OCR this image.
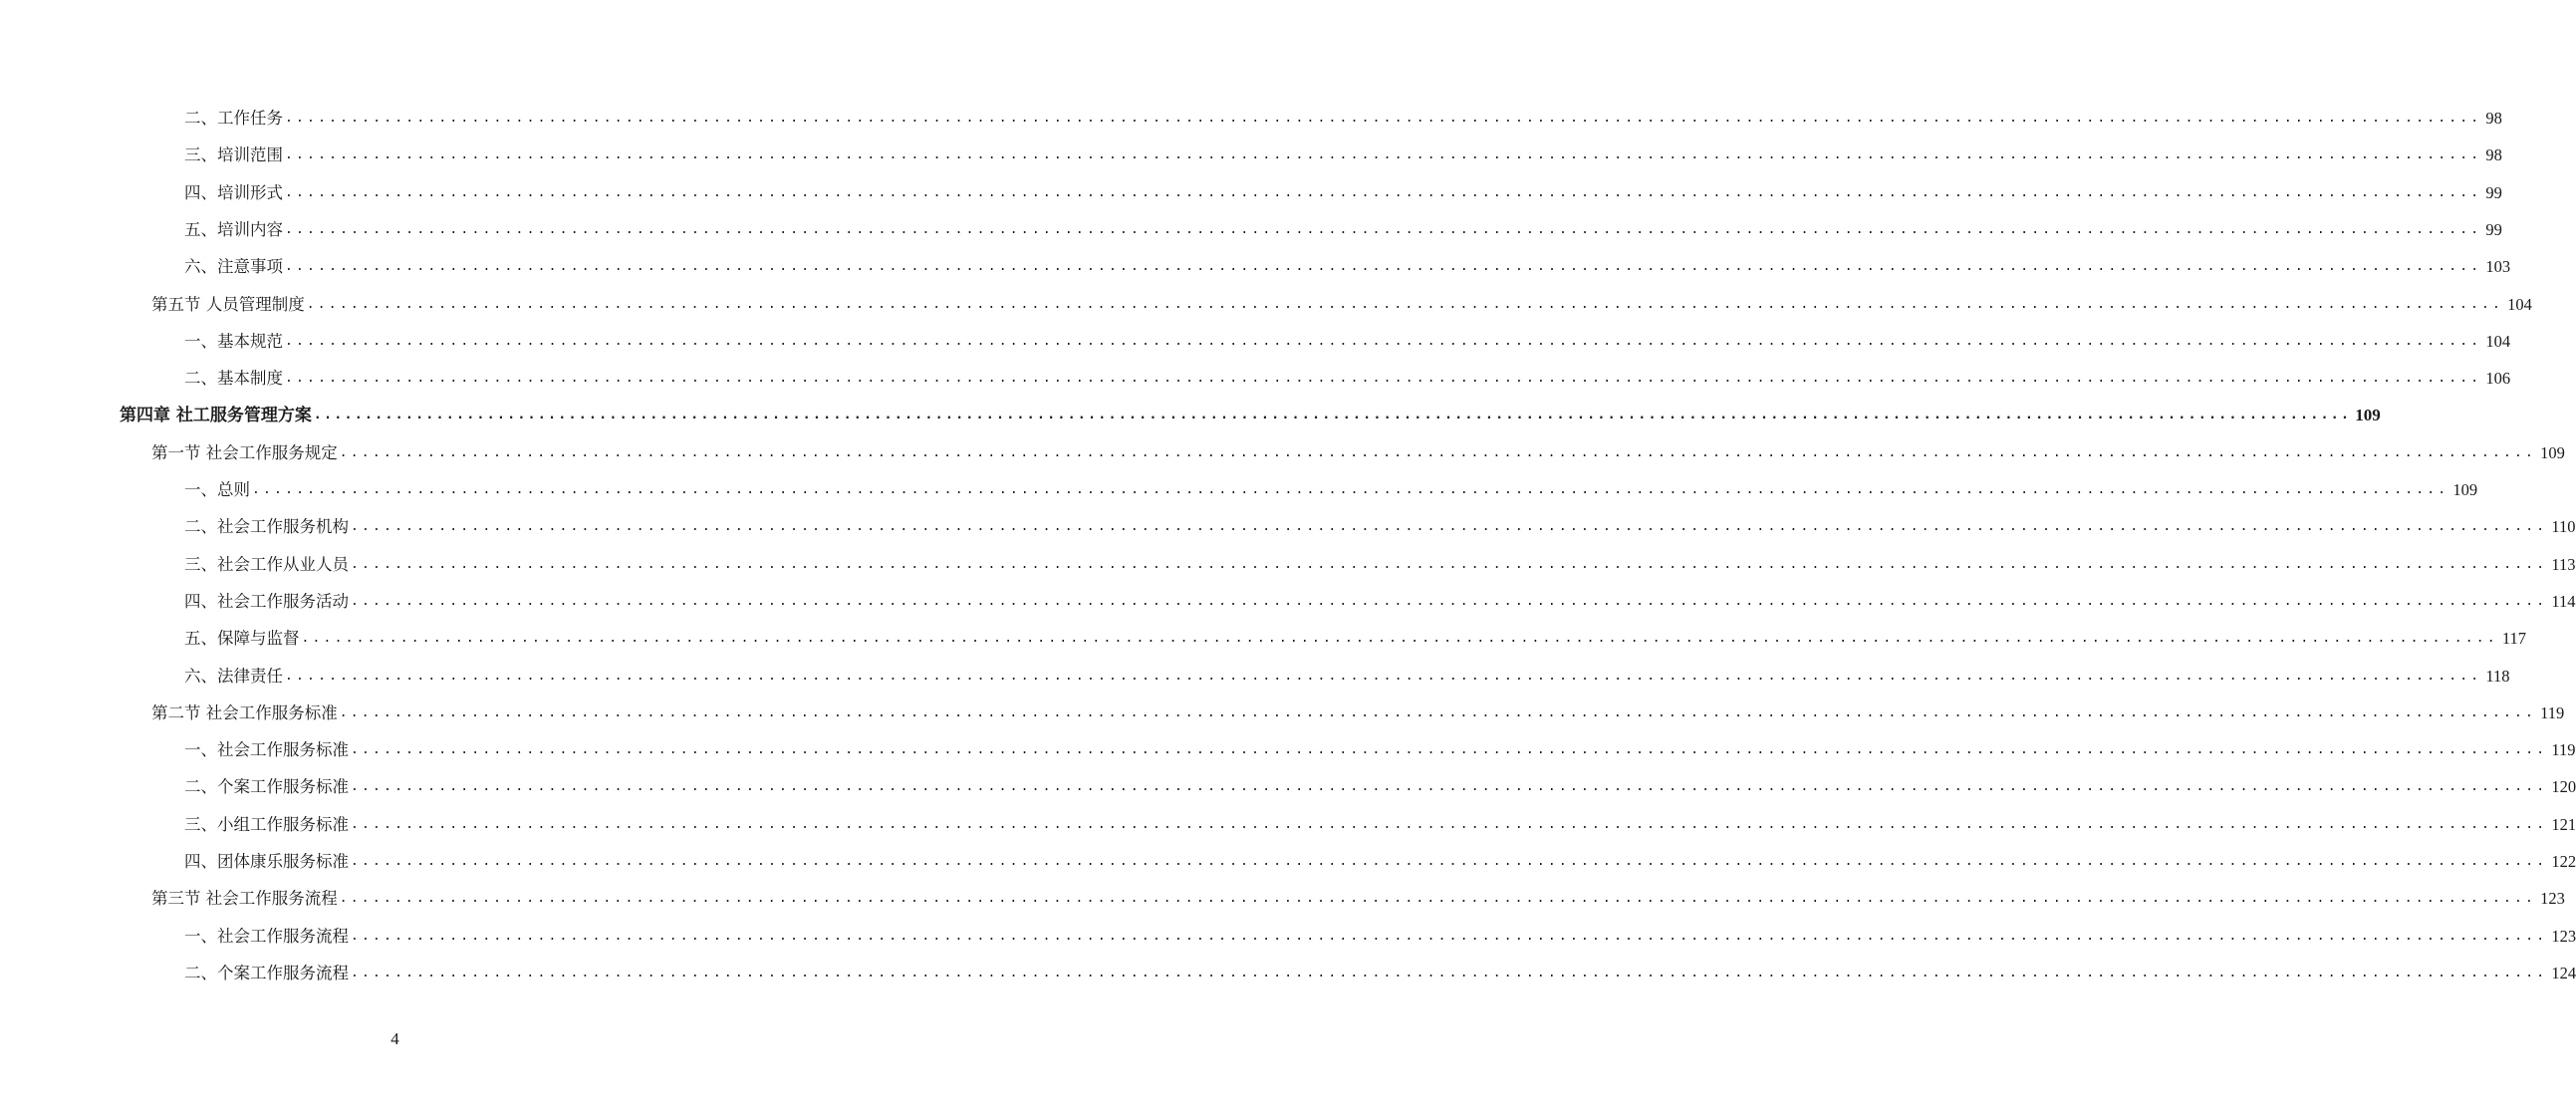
二、工作任务 ........................................................................................................................................................................................................ 98
三、培训范围 ........................................................................................................................................................................................................ 98
四、培训形式 ........................................................................................................................................................................................................ 99
五、培训内容 ........................................................................................................................................................................................................ 99
六、注意事项 ........................................................................................................................................................................................................ 103
第五节 人员管理制度 ........................................................................................................................................................................................................ 104
一、基本规范 ........................................................................................................................................................................................................ 104
二、基本制度 ........................................................................................................................................................................................................ 106
第四章 社工服务管理方案 ........................................................................................................................................................................................................ 109
第一节 社会工作服务规定 ........................................................................................................................................................................................................ 109
一、总则 ........................................................................................................................................................................................................ 109
二、社会工作服务机构 ........................................................................................................................................................................................................ 110
三、社会工作从业人员 ........................................................................................................................................................................................................ 113
四、社会工作服务活动 ........................................................................................................................................................................................................ 114
五、保障与监督 ........................................................................................................................................................................................................ 117
六、法律责任 ........................................................................................................................................................................................................ 118
第二节 社会工作服务标准 ........................................................................................................................................................................................................ 119
一、社会工作服务标准 ........................................................................................................................................................................................................ 119
二、个案工作服务标准 ........................................................................................................................................................................................................ 120
三、小组工作服务标准 ........................................................................................................................................................................................................ 121
四、团体康乐服务标准 ........................................................................................................................................................................................................ 122
第三节 社会工作服务流程 ........................................................................................................................................................................................................ 123
一、社会工作服务流程 ........................................................................................................................................................................................................ 123
二、个案工作服务流程 ........................................................................................................................................................................................................ 124
4
